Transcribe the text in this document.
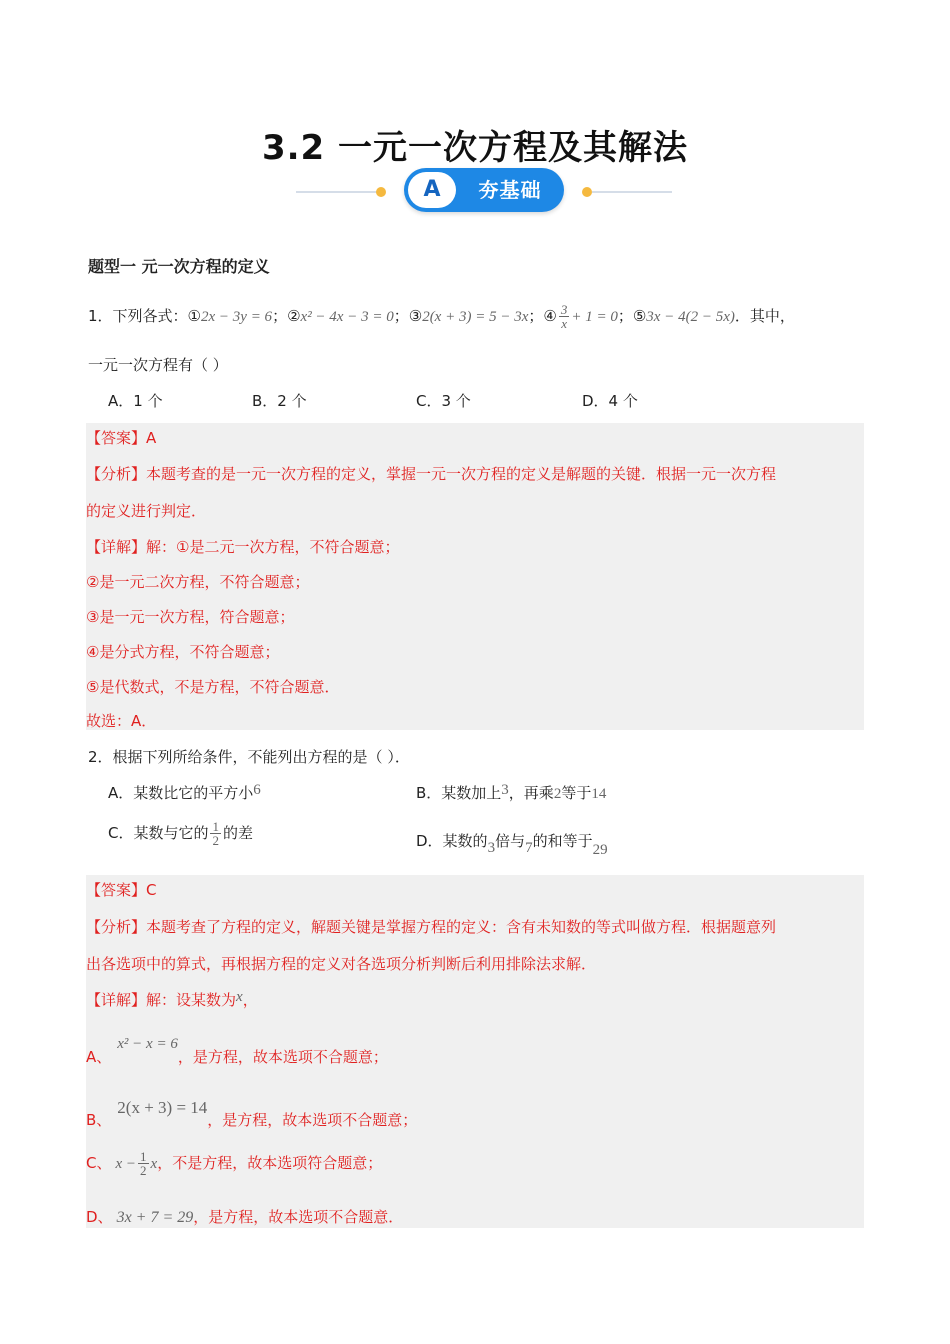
3.2 一元一次方程及其解法
A	夯基础
题型一 元一次方程的定义
1．下列各式：①2x − 3y = 6；②x² − 4x − 3 = 0；③2(x + 3) = 5 − 3x；④ $\frac{3}{x} + 1 = 0$；⑤3x − 4(2 − 5x)．其中，
一元一次方程有（ ）
A．1 个	B．2 个	C．3 个	D．4 个
【答案】A
【分析】本题考查的是一元一次方程的定义，掌握一元一次方程的定义是解题的关键．根据一元一次方程
的定义进行判定．
【详解】解：①是二元一次方程，不符合题意；
②是一元二次方程，不符合题意；
③是一元一次方程，符合题意；
④是分式方程，不符合题意；
⑤是代数式，不是方程，不符合题意．
故选：A．
2．根据下列所给条件，不能列出方程的是（ ）．
A．某数比它的平方小6	B．某数加上3，再乘2等于14
C．某数与它的 $\frac{1}{2}$ 的差	D．某数的3倍与7的和等于29
【答案】C
【分析】本题考查了方程的定义，解题关键是掌握方程的定义：含有未知数的等式叫做方程．根据题意列
出各选项中的算式，再根据方程的定义对各选项分析判断后利用排除法求解．
【详解】解：设某数为x，
A、x² − x = 6，是方程，故本选项不合题意；
B、2(x + 3) = 14，是方程，故本选项不合题意；
C、 $x - \frac{1}{2}$ x，不是方程，故本选项符合题意；
D、 3x + 7 = 29，是方程，故本选项不合题意．
